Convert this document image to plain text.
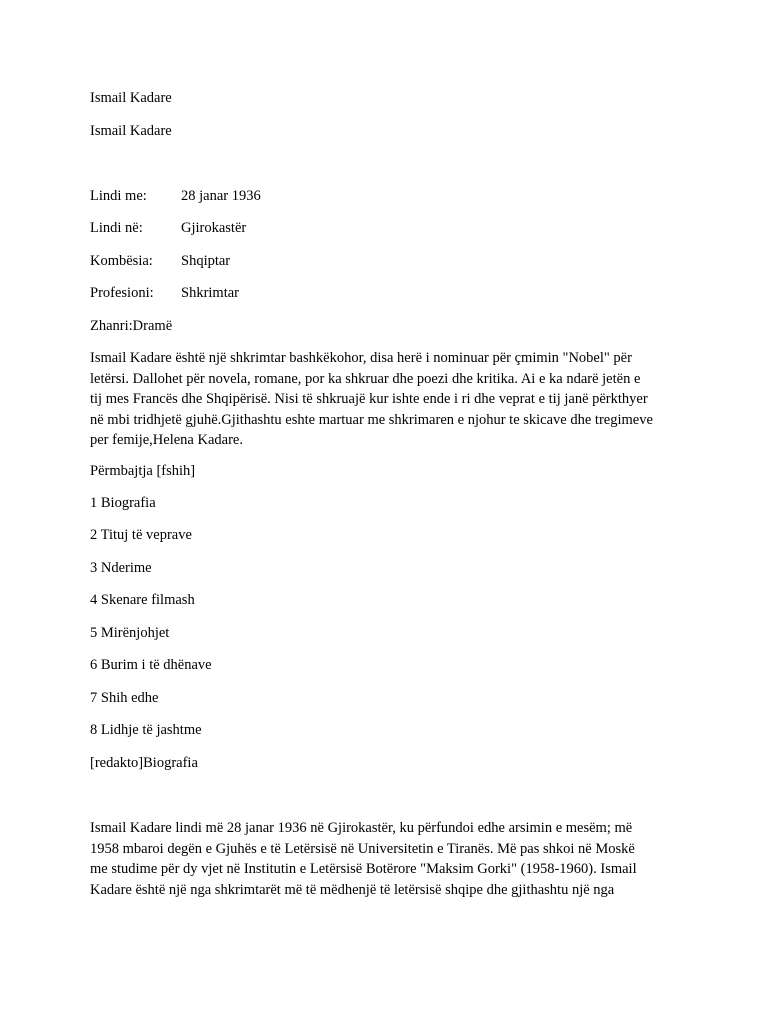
Ismail Kadare
Ismail Kadare
Lindi me: 28 janar 1936
Lindi në:	Gjirokastër
Kombësia: Shqiptar
Profesioni: Shkrimtar
Zhanri:Dramë
Ismail Kadare është një shkrimtar bashkëkohor, disa herë i nominuar për çmimin "Nobel" për
letërsi. Dallohet për novela, romane, por ka shkruar dhe poezi dhe kritika. Ai e ka ndarë jetën e
tij mes Francës dhe Shqipërisë. Nisi të shkruajë kur ishte ende i ri dhe veprat e tij janë përkthyer
në mbi tridhjetë gjuhë.Gjithashtu eshte martuar me shkrimaren e njohur te skicave dhe tregimeve
per femije,Helena Kadare.
Përmbajtja [fshih]
1 Biografia
2 Tituj të veprave
3 Nderime
4 Skenare filmash
5 Mirënjohjet
6 Burim i të dhënave
7 Shih edhe
8 Lidhje të jashtme
[redakto]Biografia
Ismail Kadare lindi më 28 janar 1936 në Gjirokastër, ku përfundoi edhe arsimin e mesëm; më
1958 mbaroi degën e Gjuhës e të Letërsisë në Universitetin e Tiranës. Më pas shkoi në Moskë
me studime për dy vjet në Institutin e Letërsisë Botërore "Maksim Gorki" (1958-1960). Ismail
Kadare është një nga shkrimtarët më të mëdhenjë të letërsisë shqipe dhe gjithashtu një nga
